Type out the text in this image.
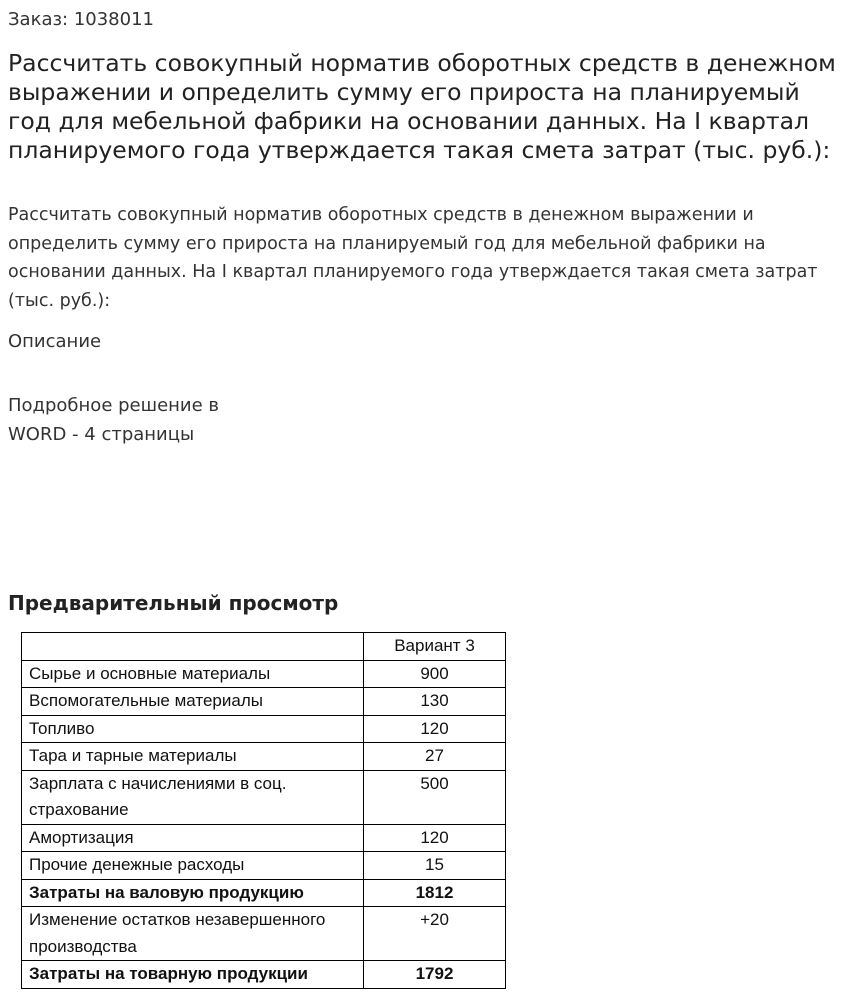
Заказ: 1038011
Рассчитать совокупный норматив оборотных средств в денежном выражении и определить сумму его прироста на планируемый год для мебельной фабрики на основании данных. На I квартал планируемого года утверждается такая смета затрат (тыс. руб.):

Рассчитать совокупный норматив оборотных средств в денежном выражении и определить сумму его прироста на планируемый год для мебельной фабрики на основании данных. На I квартал планируемого года утверждается такая смета затрат (тыс. руб.):

Описание
Подробное решение в
WORD - 4 страницы
Предварительный просмотр
	Вариант 3
Сырье и основные материалы	900
Вспомогательные материалы	130
Топливо	120
Тара и тарные материалы	27
Зарплата с начислениями в соц. страхование	500
Амортизация	120
Прочие денежные расходы	15
Затраты на валовую продукцию	1812
Изменение остатков незавершенного производства	+20
Затраты на товарную продукции	1792
